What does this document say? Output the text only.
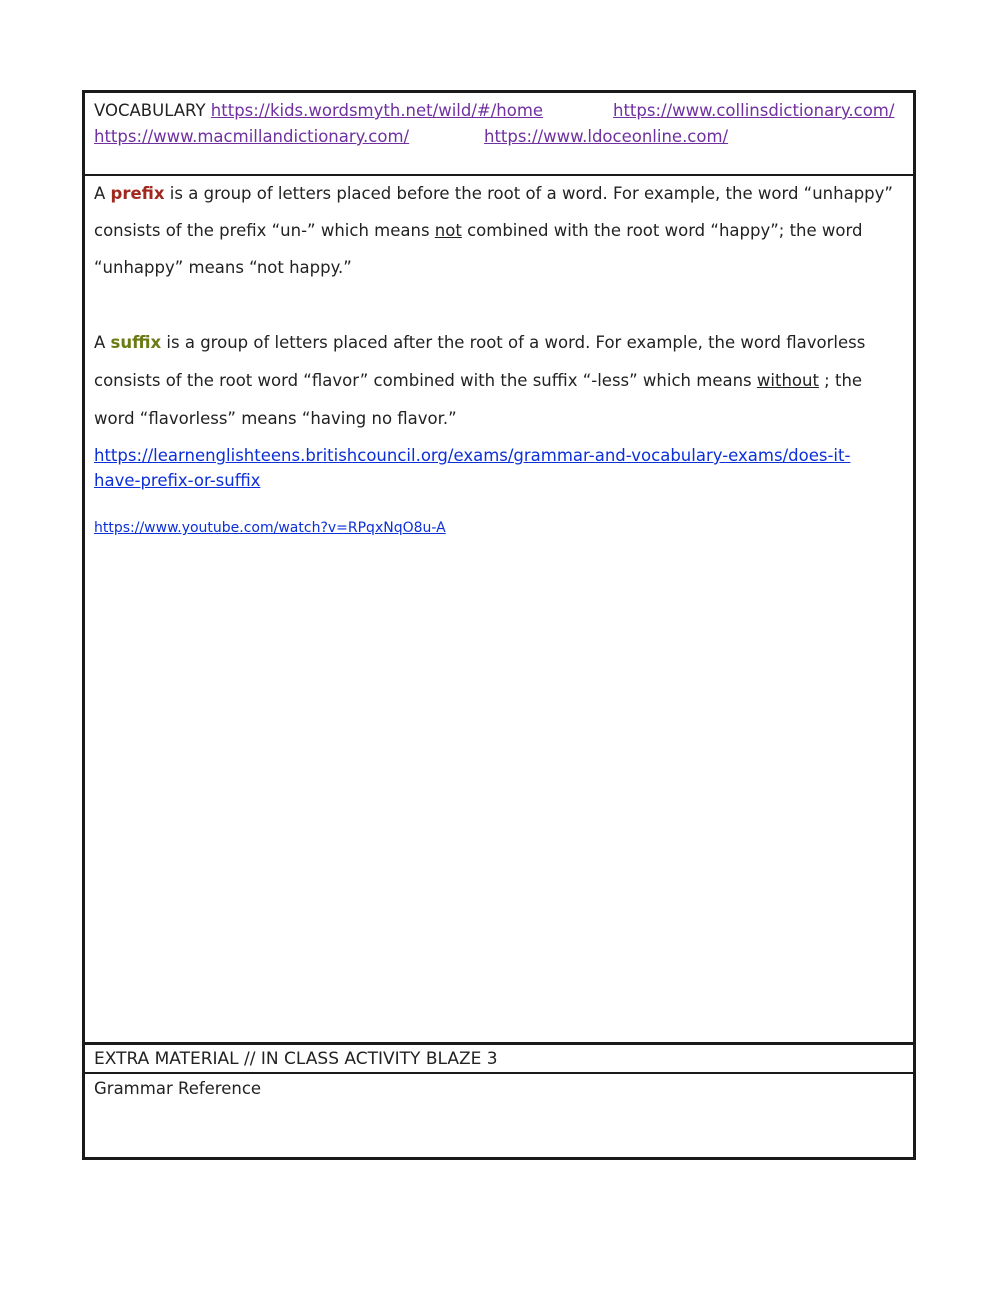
VOCABULARY https://kids.wordsmyth.net/wild/#/home	https://www.collinsdictionary.com/
https://www.macmillandictionary.com/	https://www.ldoceonline.com/
A prefix is a group of letters placed before the root of a word. For example, the word “unhappy”
consists of the prefix “un-” which means not combined with the root word “happy”; the word
“unhappy” means “not happy.”
A suffix is a group of letters placed after the root of a word. For example, the word flavorless
consists of the root word “flavor” combined with the suffix “-less” which means without ; the
word “flavorless” means “having no flavor.”
https://learnenglishteens.britishcouncil.org/exams/grammar-and-vocabulary-exams/does-it-
have-prefix-or-suffix
https://www.youtube.com/watch?v=RPqxNqO8u-A
EXTRA MATERIAL // IN CLASS ACTIVITY BLAZE 3
Grammar Reference
